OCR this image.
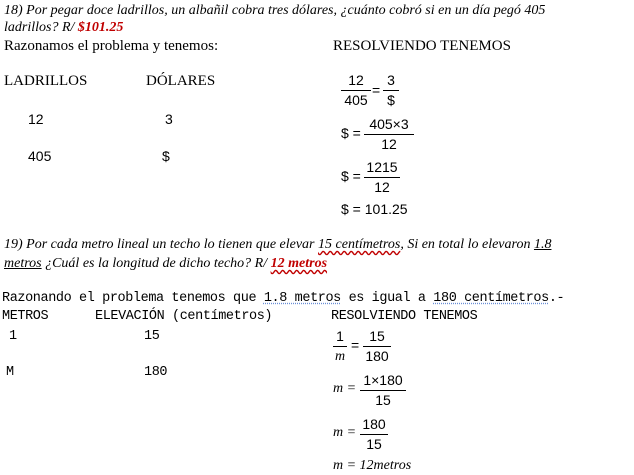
18) Por pegar doce ladrillos, un albañil cobra tres dólares, ¿cuánto cobró si en un día pegó 405
ladrillos? R/ $101.25
Razonamos el problema y tenemos:	RESOLVIENDO TENEMOS
LADRILLOS	DÓLARES
12	3
405	$
12
405
=
3
$
$ =
405×3
12
$ =
1215
12
$ = 101.25
19) Por cada metro lineal un techo lo tienen que elevar 15 centímetros, Si en total lo elevaron 1.8
metros ¿Cuál es la longitud de dicho techo? R/ 12 metros
Razonando el problema tenemos que 1.8 metros es igual a 180 centímetros.-
METROS	ELEVACIÓN (centímetros)	RESOLVIENDO TENEMOS
1	15
M	180
1
m
=
15
180
m =
1×180
15
m =
180
15
m = 12metros
